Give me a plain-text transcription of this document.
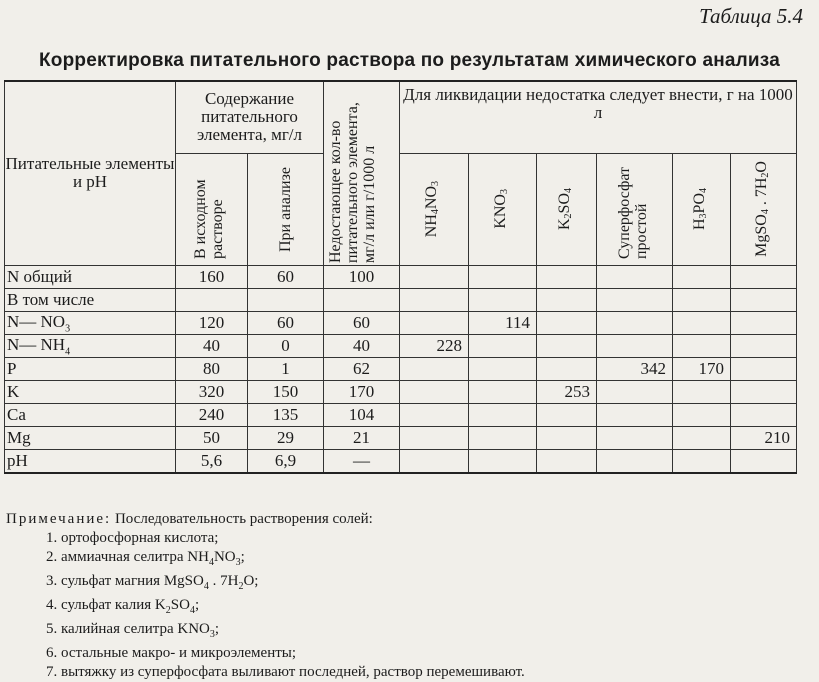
Таблица 5.4
Корректировка питательного раствора по результатам химического анализа
Питательные элементы и pH	Содержание питательного элемента, мг/л		Недостающее кол-во питательного элемента, мг/л или г/1000 л	Для ликвидации недостатка следует внести, г на 1000 л					

	В исходном растворе	При анализе		$NH_4NO_3$	$KNO_3$	$K_2SO_4$	Суперфосфат простой	$H_3PO_4$	MgSO$_4$ . $7H_2O$

N общий	160	60	100						
В том числе									
N— $NO_3$	120	60	60		114				
N— $NH_4$	40	0	40	228					
P	80	1	62				342	170	
K	320	150	170			253			
Ca	240	135	104						
Mg	50	29	21						210
pH	5,6	6,9	—						
Примечание: Последовательность растворения солей:
1. ортофосфорная кислота;
2. аммиачная селитра $NH_4NO_3$;
3. сульфат магния MgSO$_4$ . $7H_2O$;
4. сульфат калия $K_2SO_4$;
5. калийная селитра $KNO_3$;
6. остальные макро- и микроэлементы;
7. вытяжку из суперфосфата выливают последней, раствор перемешивают.
